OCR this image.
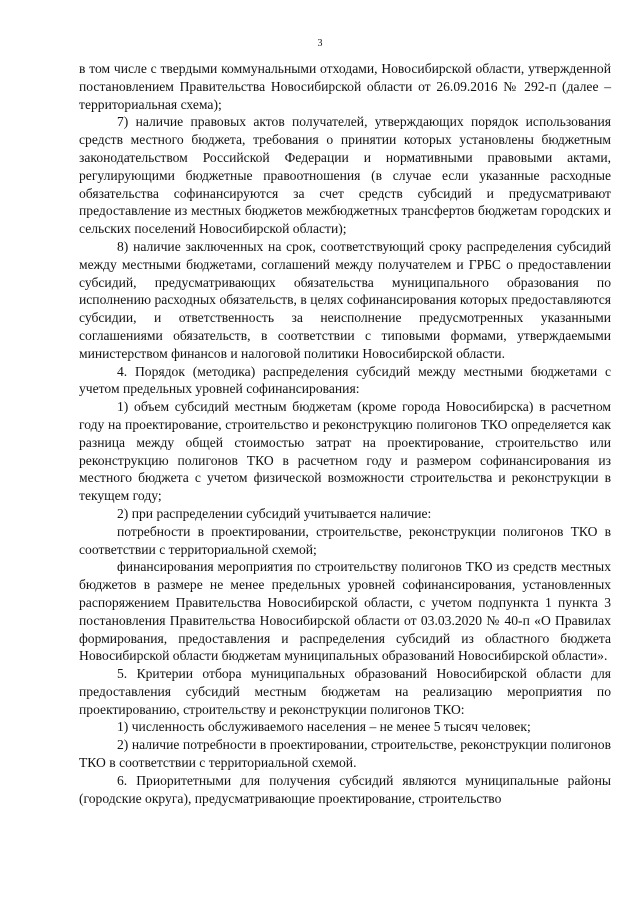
3

в том числе с твердыми коммунальными отходами, Новосибирской области, утвержденной постановлением Правительства Новосибирской области от 26.09.2016 № 292-п (далее – территориальная схема);

7) наличие правовых актов получателей, утверждающих порядок использования средств местного бюджета, требования о принятии которых установлены бюджетным законодательством Российской Федерации и нормативными правовыми актами, регулирующими бюджетные правоотношения (в случае если указанные расходные обязательства софинансируются за счет средств субсидий и предусматривают предоставление из местных бюджетов межбюджетных трансфертов бюджетам городских и сельских поселений Новосибирской области);

8) наличие заключенных на срок, соответствующий сроку распределения субсидий между местными бюджетами, соглашений между получателем и ГРБС о предоставлении субсидий, предусматривающих обязательства муниципального образования по исполнению расходных обязательств, в целях софинансирования которых предоставляются субсидии, и ответственность за неисполнение предусмотренных указанными соглашениями обязательств, в соответствии с типовыми формами, утверждаемыми министерством финансов и налоговой политики Новосибирской области.

4. Порядок (методика) распределения субсидий между местными бюджетами с учетом предельных уровней софинансирования:

1) объем субсидий местным бюджетам (кроме города Новосибирска) в расчетном году на проектирование, строительство и реконструкцию полигонов ТКО определяется как разница между общей стоимостью затрат на проектирование, строительство или реконструкцию полигонов ТКО в расчетном году и размером софинансирования из местного бюджета с учетом физической возможности строительства и реконструкции в текущем году;

2) при распределении субсидий учитывается наличие:

потребности в проектировании, строительстве, реконструкции полигонов ТКО в соответствии с территориальной схемой;

финансирования мероприятия по строительству полигонов ТКО из средств местных бюджетов в размере не менее предельных уровней софинансирования, установленных распоряжением Правительства Новосибирской области, с учетом подпункта 1 пункта 3 постановления Правительства Новосибирской области от 03.03.2020 № 40-п «О Правилах формирования, предоставления и распределения субсидий из областного бюджета Новосибирской области бюджетам муниципальных образований Новосибирской области».

5. Критерии отбора муниципальных образований Новосибирской области для предоставления субсидий местным бюджетам на реализацию мероприятия по проектированию, строительству и реконструкции полигонов ТКО:

1) численность обслуживаемого населения – не менее 5 тысяч человек;

2) наличие потребности в проектировании, строительстве, реконструкции полигонов ТКО в соответствии с территориальной схемой.

6. Приоритетными для получения субсидий являются муниципальные районы (городские округа), предусматривающие проектирование, строительство
